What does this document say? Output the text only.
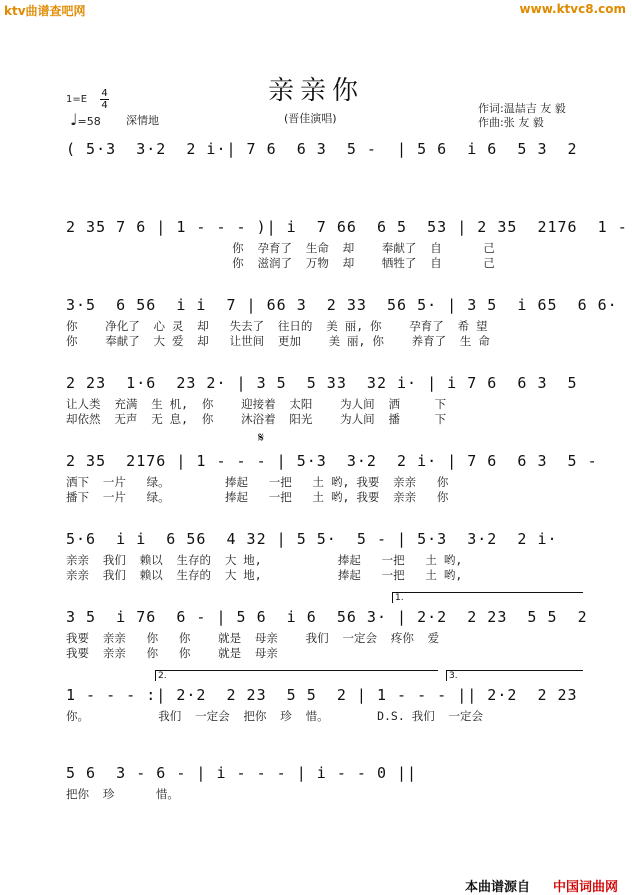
ktv曲谱查吧网	www.ktvc8.com
亲亲你
1=E
4
4
♩=58 深情地	(晋佳演唱)
作词:温喆吉 友 毅
作曲:张 友 毅
( 5·3  3·2  2 i·| 7 6  6 3  5 -  | 5 6  i 6  5 3  2
2 35 7 6 | 1 - - - )| i  7 66  6 5  53 | 2 35  2176  1 -
你  孕育了  生命  却    奉献了  自      己
你  滋润了  万物  却    牺牲了  自      己
3·5  6 56  i i  7 | 66 3  2 33  56 5· | 3 5  i 65  6 6·
你    净化了  心 灵  却   失去了  往日的  美 丽, 你    孕育了  希 望
你    奉献了  大 爱  却   让世间  更加    美 丽, 你    养育了  生 命
2 23  1·6  23 2· | 3 5  5 33  32 i· | i 7 6  6 3  5
让人类  充满  生 机,  你    迎接着  太阳    为人间  洒     下
却依然  无声  无 息,  你    沐浴着  阳光    为人间  播     下
𝄋
2 35  2176 | 1 - - - | 5·3  3·2  2 i· | 7 6  6 3  5 -
洒下  一片   绿。        捧起   一把   土 哟, 我要  亲亲   你
播下  一片   绿。        捧起   一把   土 哟, 我要  亲亲   你
5·6  i i  6 56  4 32 | 5 5·  5 - | 5·3  3·2  2 i·
亲亲  我们  赖以  生存的  大 地,           捧起   一把   土 哟,
亲亲  我们  赖以  生存的  大 地,           捧起   一把   土 哟,
1.
3 5  i 76  6 - | 5 6  i 6  56 3· | 2·2  2 23  5 5  2
我要  亲亲   你   你    就是  母亲    我们  一定会  疼你  爱
我要  亲亲   你   你    就是  母亲
2.	3.
1 - - - :| 2·2  2 23  5 5  2 | 1 - - - || 2·2  2 23
你。          我们  一定会  把你  珍  惜。       D.S. 我们  一定会
5 6  3 - 6 - | i - - - | i - - 0 ||
把你  珍      惜。
本曲谱源自 中国词曲网
